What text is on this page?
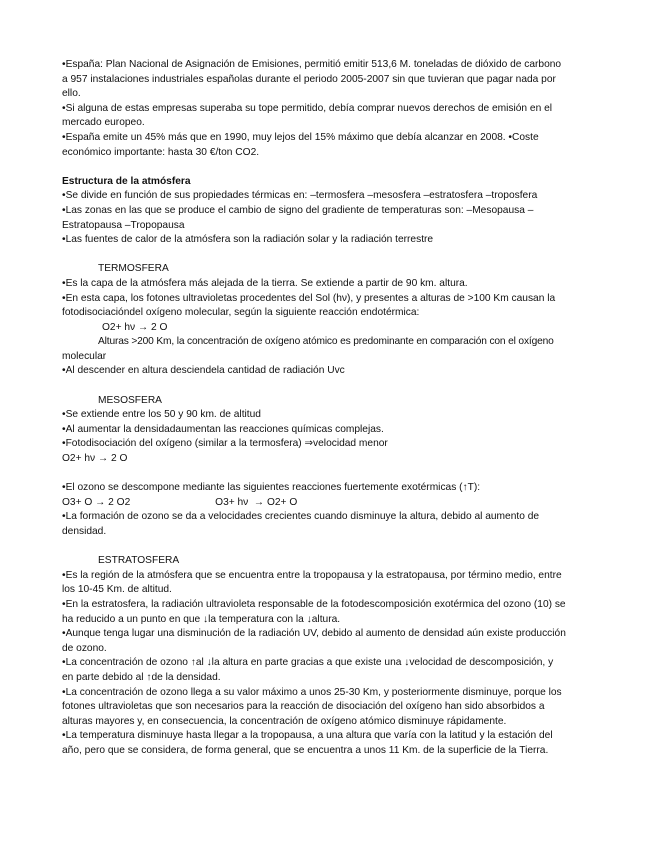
•España: Plan Nacional de Asignación de Emisiones, permitió emitir 513,6 M. toneladas de dióxido de carbono
a 957 instalaciones industriales españolas durante el periodo 2005-2007 sin que tuvieran que pagar nada por
ello.
•Si alguna de estas empresas superaba su tope permitido, debía comprar nuevos derechos de emisión en el
mercado europeo.
•España emite un 45% más que en 1990, muy lejos del 15% máximo que debía alcanzar en 2008. •Coste
económico importante: hasta 30 €/ton CO2.
Estructura de la atmósfera
•Se divide en función de sus propiedades térmicas en: –termosfera –mesosfera –estratosfera –troposfera
•Las zonas en las que se produce el cambio de signo del gradiente de temperaturas son: –Mesopausa –
Estratopausa –Tropopausa
•Las fuentes de calor de la atmósfera son la radiación solar y la radiación terrestre
TERMOSFERA
•Es la capa de la atmósfera más alejada de la tierra. Se extiende a partir de 90 km. altura.
•En esta capa, los fotones ultravioletas procedentes del Sol (hν), y presentes a alturas de >100 Km causan la
fotodisociacióndel oxígeno molecular, según la siguiente reacción endotérmica:
O2+ hν → 2 O
Alturas >200 Km, la concentración de oxígeno atómico es predominante en comparación con el oxígeno
molecular
•Al descender en altura desciendela cantidad de radiación Uvc
MESOSFERA
•Se extiende entre los 50 y 90 km. de altitud
•Al aumentar la densidadaumentan las reacciones químicas complejas.
•Fotodisociación del oxígeno (similar a la termosfera) ⇒velocidad menor
O2+ hν → 2 O
•El ozono se descompone mediante las siguientes reacciones fuertemente exotérmicas (↑T):
O3+ O → 2 O2                              O3+ hν  → O2+ O
•La formación de ozono se da a velocidades crecientes cuando disminuye la altura, debido al aumento de
densidad.
ESTRATOSFERA
•Es la región de la atmósfera que se encuentra entre la tropopausa y la estratopausa, por término medio, entre
los 10-45 Km. de altitud.
•En la estratosfera, la radiación ultravioleta responsable de la fotodescomposición exotérmica del ozono (10) se
ha reducido a un punto en que ↓la temperatura con la ↓altura.
•Aunque tenga lugar una disminución de la radiación UV, debido al aumento de densidad aún existe producción
de ozono.
•La concentración de ozono ↑al ↓la altura en parte gracias a que existe una ↓velocidad de descomposición, y
en parte debido al ↑de la densidad.
•La concentración de ozono llega a su valor máximo a unos 25-30 Km, y posteriormente disminuye, porque los
fotones ultravioletas que son necesarios para la reacción de disociación del oxígeno han sido absorbidos a
alturas mayores y, en consecuencia, la concentración de oxígeno atómico disminuye rápidamente.
•La temperatura disminuye hasta llegar a la tropopausa, a una altura que varía con la latitud y la estación del
año, pero que se considera, de forma general, que se encuentra a unos 11 Km. de la superficie de la Tierra.
